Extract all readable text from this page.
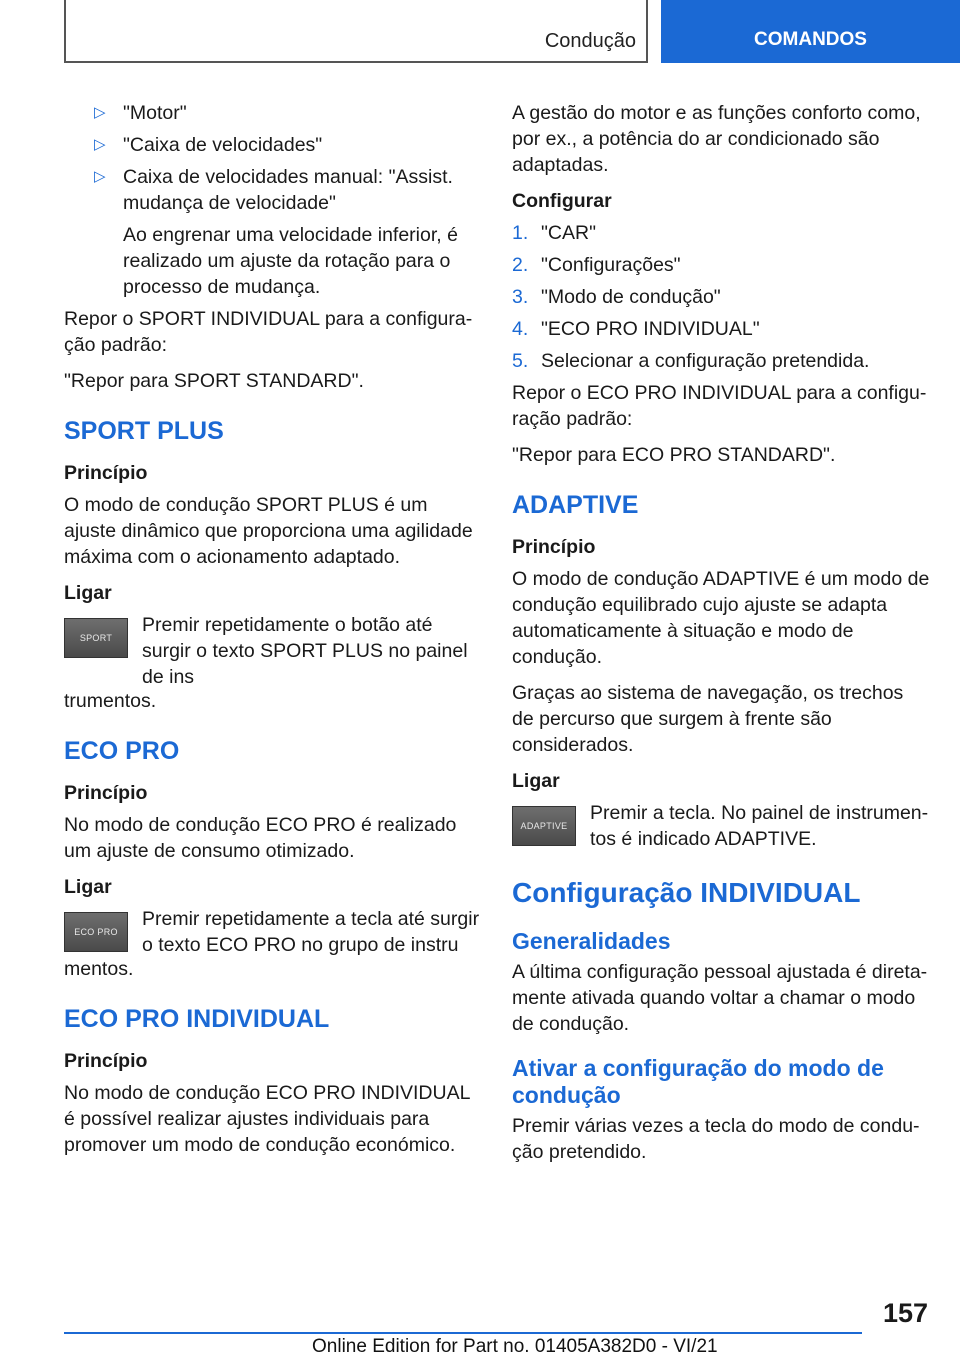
Condução	COMANDOS
▷ "Motor"
▷ "Caixa de velocidades"
▷ Caixa de velocidades manual: "Assist. mudança de velocidade"
Ao engrenar uma velocidade inferior, é realizado um ajuste da rotação para o processo de mudança.

Repor o SPORT INDIVIDUAL para a configuração padrão:

"Repor para SPORT STANDARD".

SPORT PLUS
Princípio

O modo de condução SPORT PLUS é um ajuste dinâmico que proporciona uma agilidade máxima com o acionamento adaptado.

Ligar
SPORT
Premir repetidamente o botão até surgir o texto SPORT PLUS no painel de ins

trumentos.

ECO PRO
Princípio

No modo de condução ECO PRO é realizado um ajuste de consumo otimizado.

Ligar
ECO PRO
Premir repetidamente a tecla até surgir o texto ECO PRO no grupo de instru

mentos.

ECO PRO INDIVIDUAL
Princípio

No modo de condução ECO PRO INDIVIDUAL é possível realizar ajustes individuais para promover um modo de condução económico.

A gestão do motor e as funções conforto como, por ex., a potência do ar condicionado são adaptadas.

Configurar
1. "CAR"
2. "Configurações"
3. "Modo de condução"
4. "ECO PRO INDIVIDUAL"
5. Selecionar a configuração pretendida.

Repor o ECO PRO INDIVIDUAL para a configuração padrão:

"Repor para ECO PRO STANDARD".

ADAPTIVE
Princípio

O modo de condução ADAPTIVE é um modo de condução equilibrado cujo ajuste se adapta automaticamente à situação e modo de condução.

Graças ao sistema de navegação, os trechos de percurso que surgem à frente são considerados.

Ligar
ADAPTIVE
Premir a tecla. No painel de instrumentos é indicado ADAPTIVE.
Configuração INDIVIDUAL
Generalidades

A última configuração pessoal ajustada é diretamente ativada quando voltar a chamar o modo de condução.

Ativar a configuração do modo de condução

Premir várias vezes a tecla do modo de condução pretendido.

157
Online Edition for Part no. 01405A382D0 - VI/21
